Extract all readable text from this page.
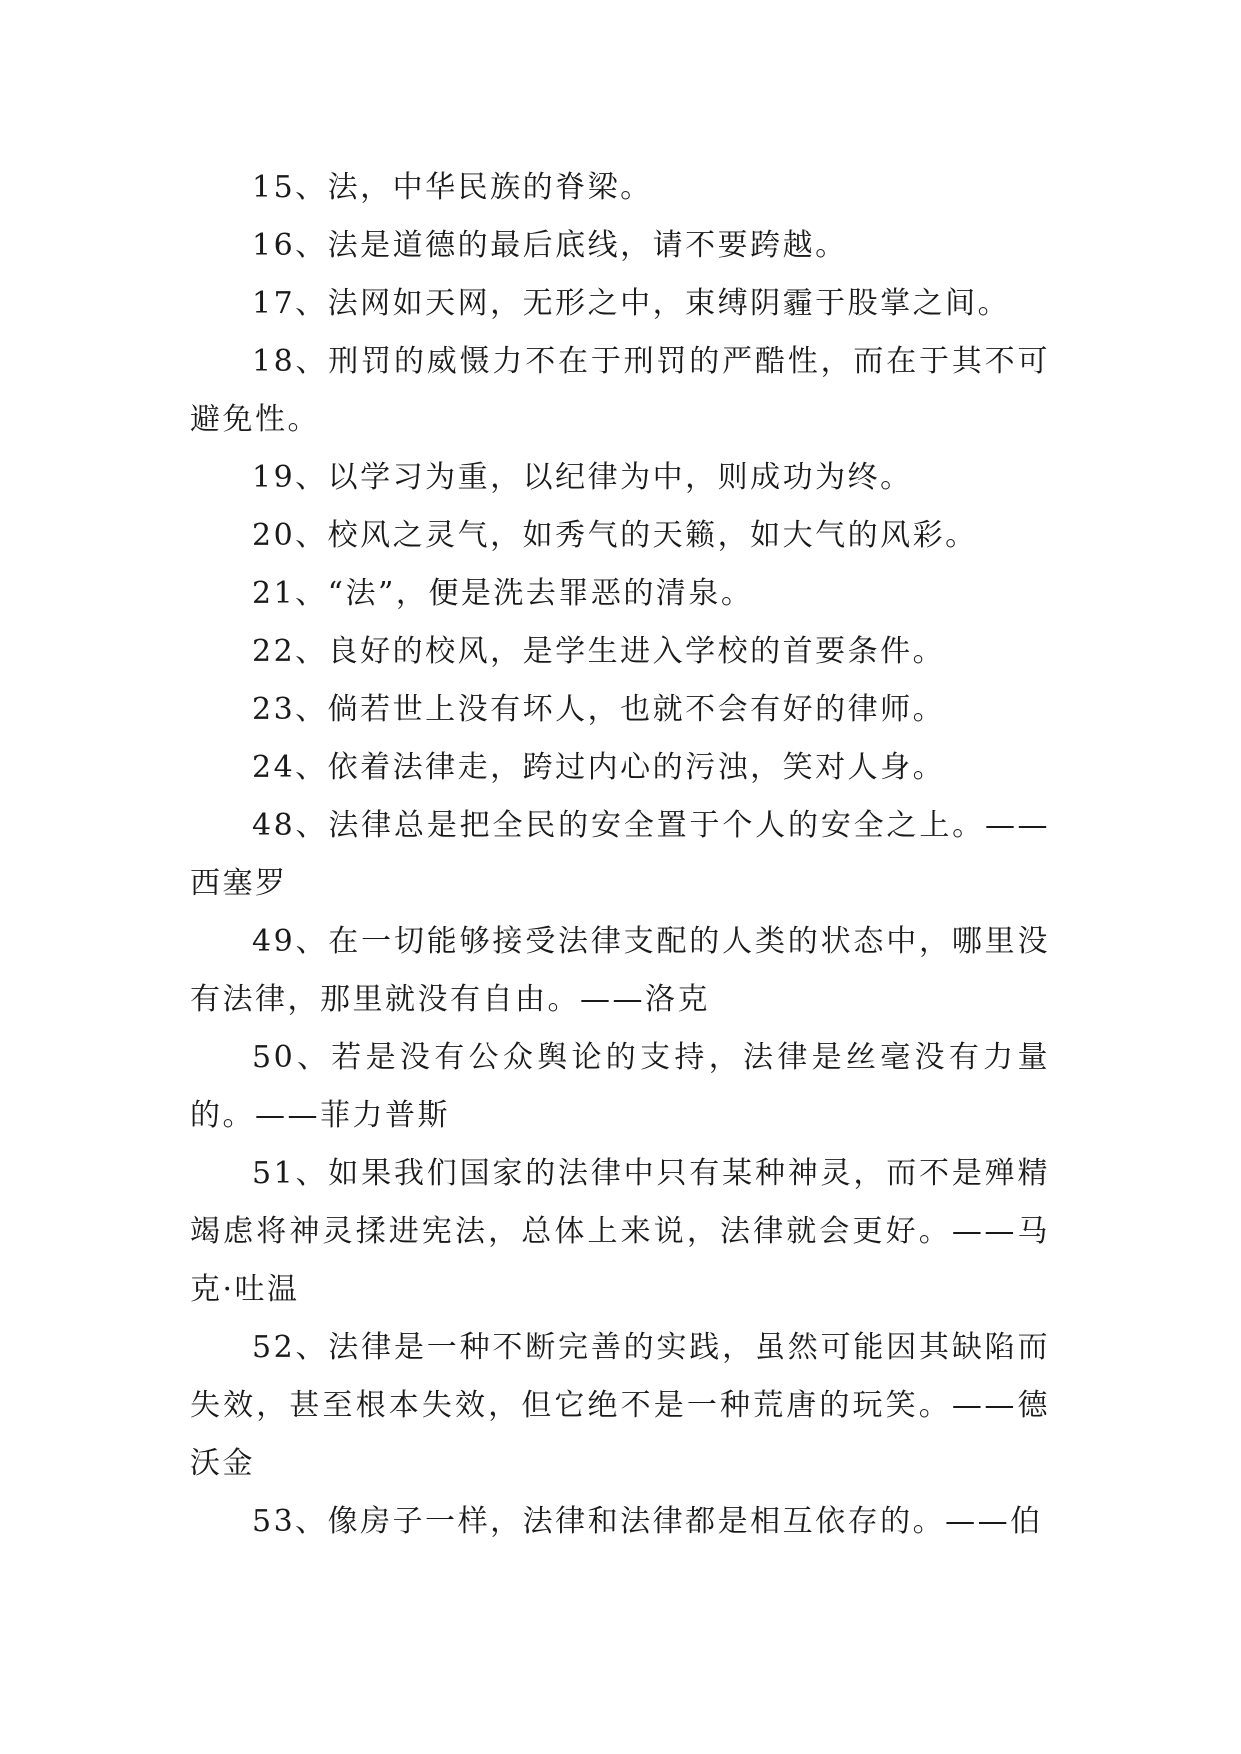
15、法，中华民族的脊梁。

16、法是道德的最后底线，请不要跨越。

17、法网如天网，无形之中，束缚阴霾于股掌之间。

18、刑罚的威慑力不在于刑罚的严酷性，而在于其不可避免性。

19、以学习为重，以纪律为中，则成功为终。

20、校风之灵气，如秀气的天籁，如大气的风彩。

21、“法”，便是洗去罪恶的清泉。

22、良好的校风，是学生进入学校的首要条件。

23、倘若世上没有坏人，也就不会有好的律师。

24、依着法律走，跨过内心的污浊，笑对人身。

48、法律总是把全民的安全置于个人的安全之上。——西塞罗

49、在一切能够接受法律支配的人类的状态中，哪里没有法律，那里就没有自由。——洛克

50、若是没有公众舆论的支持，法律是丝毫没有力量的。——菲力普斯

51、如果我们国家的法律中只有某种神灵，而不是殚精竭虑将神灵揉进宪法，总体上来说，法律就会更好。——马克·吐温

52、法律是一种不断完善的实践，虽然可能因其缺陷而失效，甚至根本失效，但它绝不是一种荒唐的玩笑。——德沃金

53、像房子一样，法律和法律都是相互依存的。——伯
